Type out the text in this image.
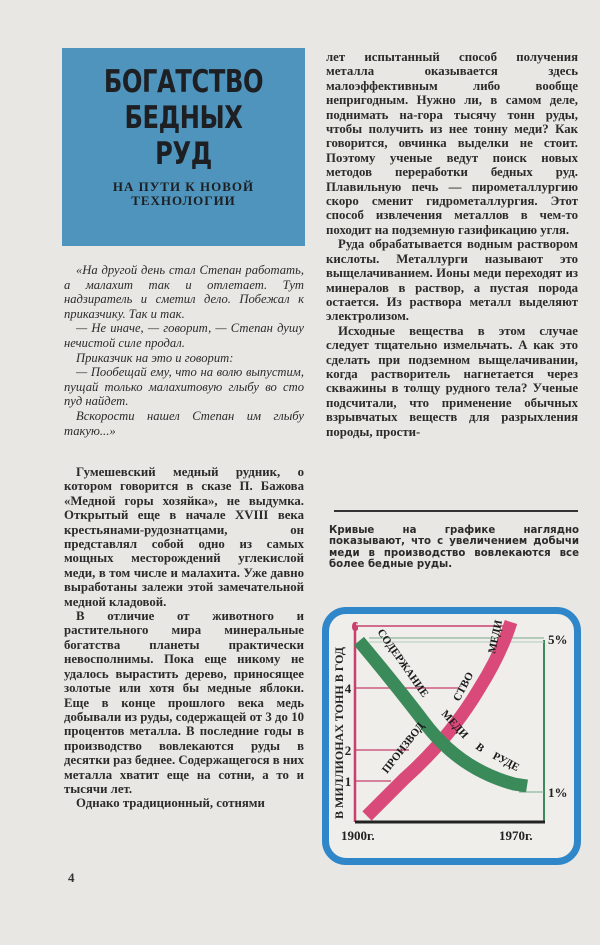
БОГАТСТВО
БЕДНЫХ
РУД
НА ПУТИ К НОВОЙ
ТЕХНОЛОГИИ

«На другой день стал Степан работать, а малахит так и отлетает. Тут надзиратель и сметил дело. Побежал к приказчику. Так и так.

— Не иначе, — говорит, — Степан душу нечистой силе продал.

Приказчик на это и говорит:

— Пообещай ему, что на волю выпустим, пущай только малахитовую глыбу во сто пуд найдет.

Вскорости нашел Степан им глыбу такую...»

Гумешевский медный рудник, о котором говорится в сказе П. Бажова «Медной горы хозяйка», не выдумка. Открытый еще в начале XVIII века крестьянами-рудознатцами, он представлял собой одно из самых мощных месторождений углекислой меди, в том числе и малахита. Уже давно выработаны залежи этой замечательной медной кладовой.

В отличие от животного и растительного мира минеральные богатства планеты практически невосполнимы. Пока еще никому не удалось вырастить дерево, приносящее золотые или хотя бы медные яблоки. Еще в конце прошлого века медь добывали из руды, содержащей от 3 до 10 процентов металла. В последние годы в производство вовлекаются руды в десятки раз беднее. Содержащегося в них металла хватит еще на сотни, а то и тысячи лет.

Однако традиционный, сотнями

лет испытанный способ получения металла оказывается здесь малоэффективным либо вообще непригодным. Нужно ли, в самом деле, поднимать на-гора тысячу тонн руды, чтобы получить из нее тонну меди? Как говорится, овчинка выделки не стоит. Поэтому ученые ведут поиск новых методов переработки бедных руд. Плавильную печь — пирометаллургию скоро сменит гидрометаллургия. Этот способ извлечения металлов в чем-то походит на подземную газификацию угля.

Руда обрабатывается водным раствором кислоты. Металлурги называют это выщелачиванием. Ионы меди переходят из минералов в раствор, а пустая порода остается. Из раствора металл выделяют электролизом.

Исходные вещества в этом случае следует тщательно измельчать. А как это сделать при подземном выщелачивании, когда растворитель нагнетается через скважины в толщу рудного тела? Ученые подсчитали, что применение обычных взрывчатых веществ для разрыхления породы, прости-

Кривые на графике наглядно показывают, что с увеличением добычи меди в производство вовлекаются все более бедные руды.
В МИЛЛИОНАХ ТОНН В ГОД
6
4
2
1
5%
1%
1900г.	1970г.
ПРОИЗВОД
СТВО
МЕДИ
СОДЕРЖАНИЕ
МЕДИ
В
РУДЕ
4
